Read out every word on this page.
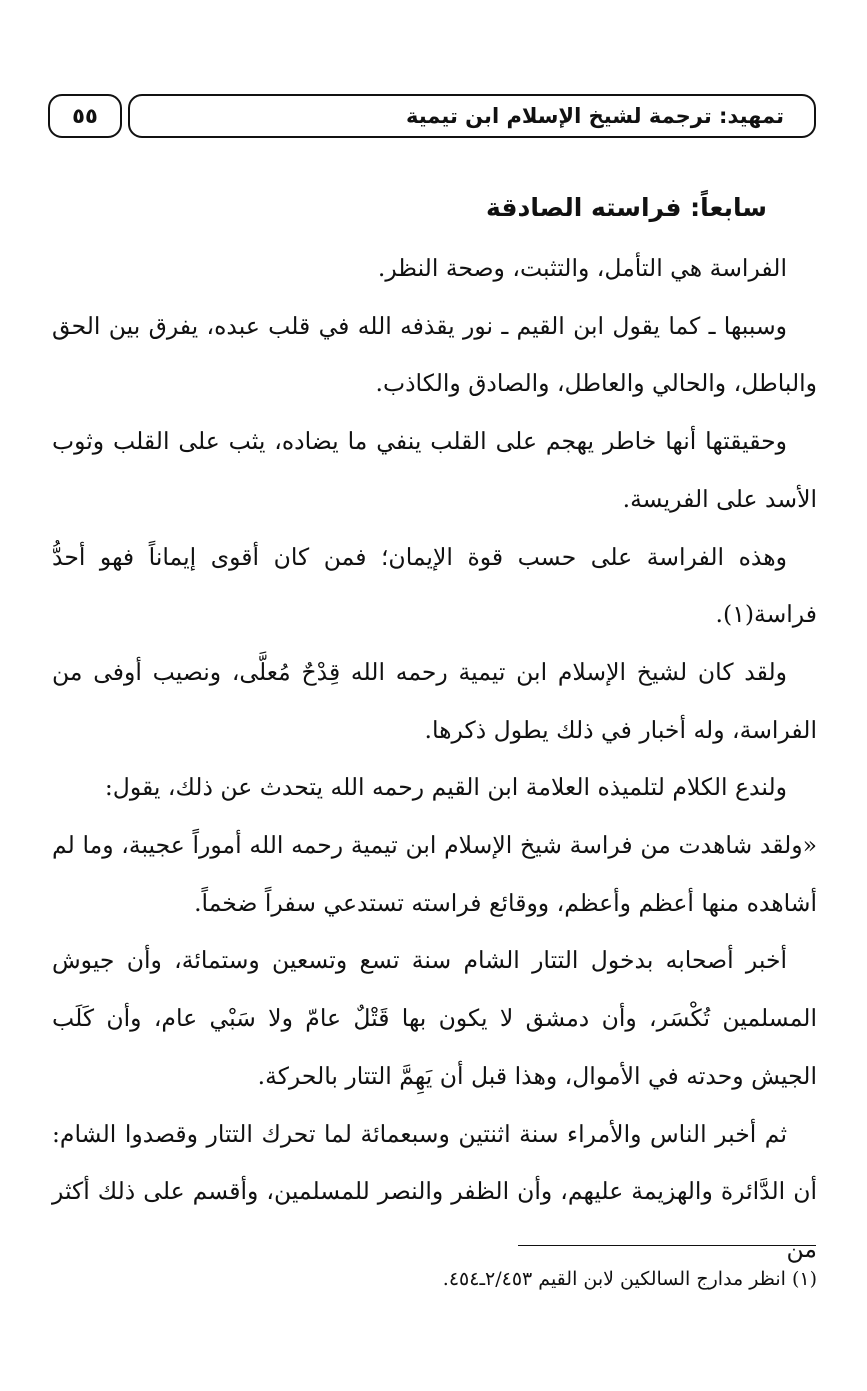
تمهيد: ترجمة لشيخ الإسلام ابن تيمية
٥٥
سابعاً: فراسته الصادقة

الفراسة هي التأمل، والتثبت، وصحة النظر.

وسببها ـ كما يقول ابن القيم ـ نور يقذفه الله في قلب عبده، يفرق بين الحق والباطل، والحالي والعاطل، والصادق والكاذب.

وحقيقتها أنها خاطر يهجم على القلب ينفي ما يضاده، يثب على القلب وثوب الأسد على الفريسة.

وهذه الفراسة على حسب قوة الإيمان؛ فمن كان أقوى إيماناً فهو أحدُّ فراسة(١).

ولقد كان لشيخ الإسلام ابن تيمية رحمه الله قِدْحٌ مُعلَّى، ونصيب أوفى من الفراسة، وله أخبار في ذلك يطول ذكرها.

ولندع الكلام لتلميذه العلامة ابن القيم رحمه الله يتحدث عن ذلك، يقول:

«ولقد شاهدت من فراسة شيخ الإسلام ابن تيمية رحمه الله أموراً عجيبة، وما لم أشاهده منها أعظم وأعظم، ووقائع فراسته تستدعي سفراً ضخماً.

أخبر أصحابه بدخول التتار الشام سنة تسع وتسعين وستمائة، وأن جيوش المسلمين تُكْسَر، وأن دمشق لا يكون بها قَتْلٌ عامّ ولا سَبْي عام، وأن كَلَب الجيش وحدته في الأموال، وهذا قبل أن يَهِمَّ التتار بالحركة.

ثم أخبر الناس والأمراء سنة اثنتين وسبعمائة لما تحرك التتار وقصدوا الشام: أن الدَّائرة والهزيمة عليهم، وأن الظفر والنصر للمسلمين، وأقسم على ذلك أكثر من

(١) انظر مدارج السالكين لابن القيم ٢/٤٥٣ـ٤٥٤.
